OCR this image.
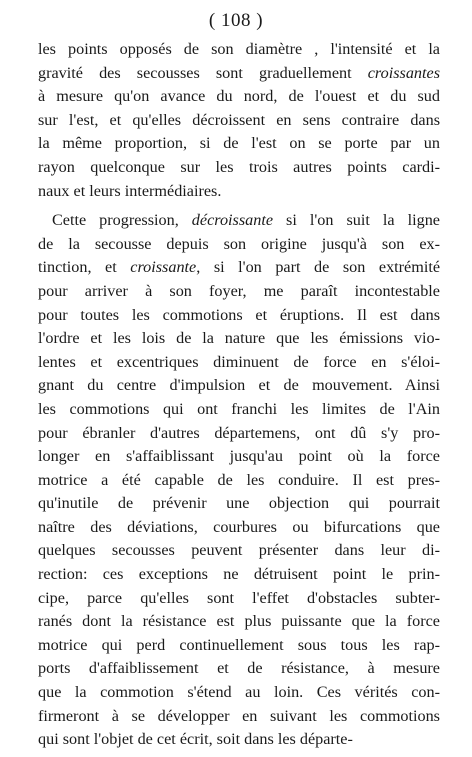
( 108 )
les points opposés de son diamètre , l'intensité et la
gravité des secousses sont graduellement croissantes
à mesure qu'on avance du nord, de l'ouest et du sud
sur l'est, et qu'elles décroissent en sens contraire dans
la même proportion, si de l'est on se porte par un
rayon quelconque sur les trois autres points cardi-
naux et leurs intermédiaires.
Cette progression, décroissante si l'on suit la ligne
de la secousse depuis son origine jusqu'à son ex-
tinction, et croissante, si l'on part de son extrémité
pour arriver à son foyer, me paraît incontestable
pour toutes les commotions et éruptions. Il est dans
l'ordre et les lois de la nature que les émissions vio-
lentes et excentriques diminuent de force en s'éloi-
gnant du centre d'impulsion et de mouvement. Ainsi
les commotions qui ont franchi les limites de l'Ain
pour ébranler d'autres départemens, ont dû s'y pro-
longer en s'affaiblissant jusqu'au point où la force
motrice a été capable de les conduire. Il est pres-
qu'inutile de prévenir une objection qui pourrait
naître des déviations, courbures ou bifurcations que
quelques secousses peuvent présenter dans leur di-
rection: ces exceptions ne détruisent point le prin-
cipe, parce qu'elles sont l'effet d'obstacles subter-
ranés dont la résistance est plus puissante que la force
motrice qui perd continuellement sous tous les rap-
ports d'affaiblissement et de résistance, à mesure
que la commotion s'étend au loin. Ces vérités con-
firmeront à se développer en suivant les commotions
qui sont l'objet de cet écrit, soit dans les départe-
